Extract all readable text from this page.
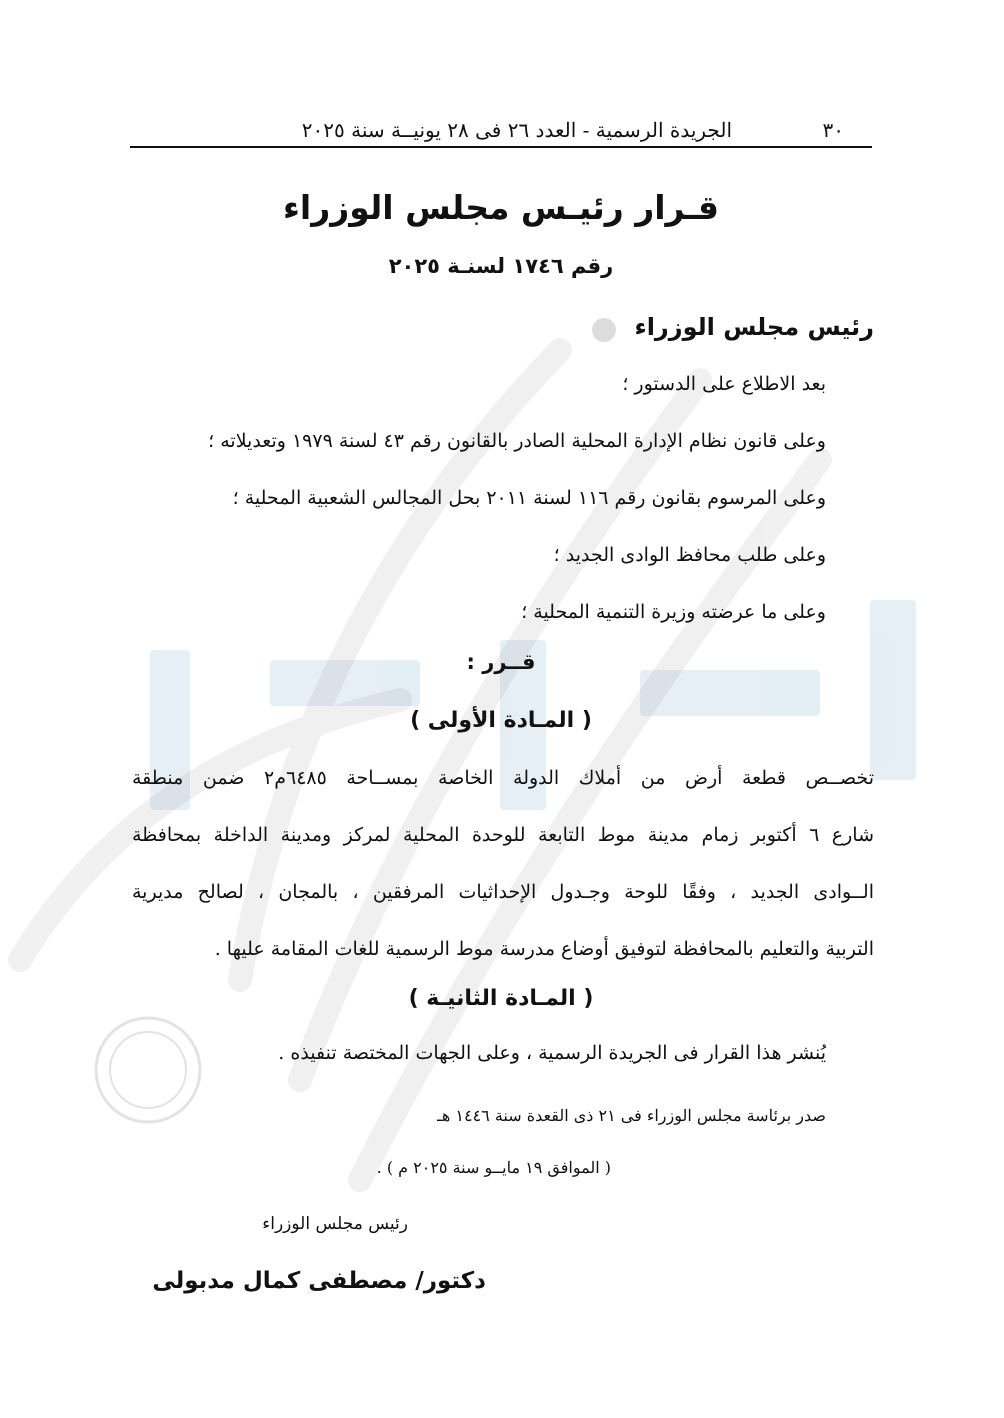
٣٠
الجريدة الرسمية - العدد ٢٦ فى ٢٨ يونيــة سنة ٢٠٢٥
قـرار رئيـس مجلس الوزراء
رقم ١٧٤٦ لسنـة ٢٠٢٥
رئيس مجلس الوزراء
بعد الاطلاع على الدستور ؛
وعلى قانون نظام الإدارة المحلية الصادر بالقانون رقم ٤٣ لسنة ١٩٧٩ وتعديلاته ؛
وعلى المرسوم بقانون رقم ١١٦ لسنة ٢٠١١ بحل المجالس الشعبية المحلية ؛
وعلى طلب محافظ الوادى الجديد ؛
وعلى ما عرضته وزيرة التنمية المحلية ؛
قــرر :
( المـادة الأولى )
تخصــص قطعة أرض من أملاك الدولة الخاصة بمســاحة ٦٤٨٥م٢ ضمن منطقة
شارع ٦ أكتوبر زمام مدينة موط التابعة للوحدة المحلية لمركز ومدينة الداخلة بمحافظة
الــوادى الجديد ، وفقًا للوحة وجـدول الإحداثيات المرفقين ، بالمجان ، لصالح مديرية
التربية والتعليم بالمحافظة لتوفيق أوضاع مدرسة موط الرسمية للغات المقامة عليها .
( المـادة الثانيـة )
يُنشر هذا القرار فى الجريدة الرسمية ، وعلى الجهات المختصة تنفيذه .
صدر برئاسة مجلس الوزراء فى ٢١ ذى القعدة سنة ١٤٤٦ هـ
( الموافق ١٩ مايــو سنة ٢٠٢٥ م ) .
رئيس مجلس الوزراء
دكتور/ مصطفى كمال مدبولى
